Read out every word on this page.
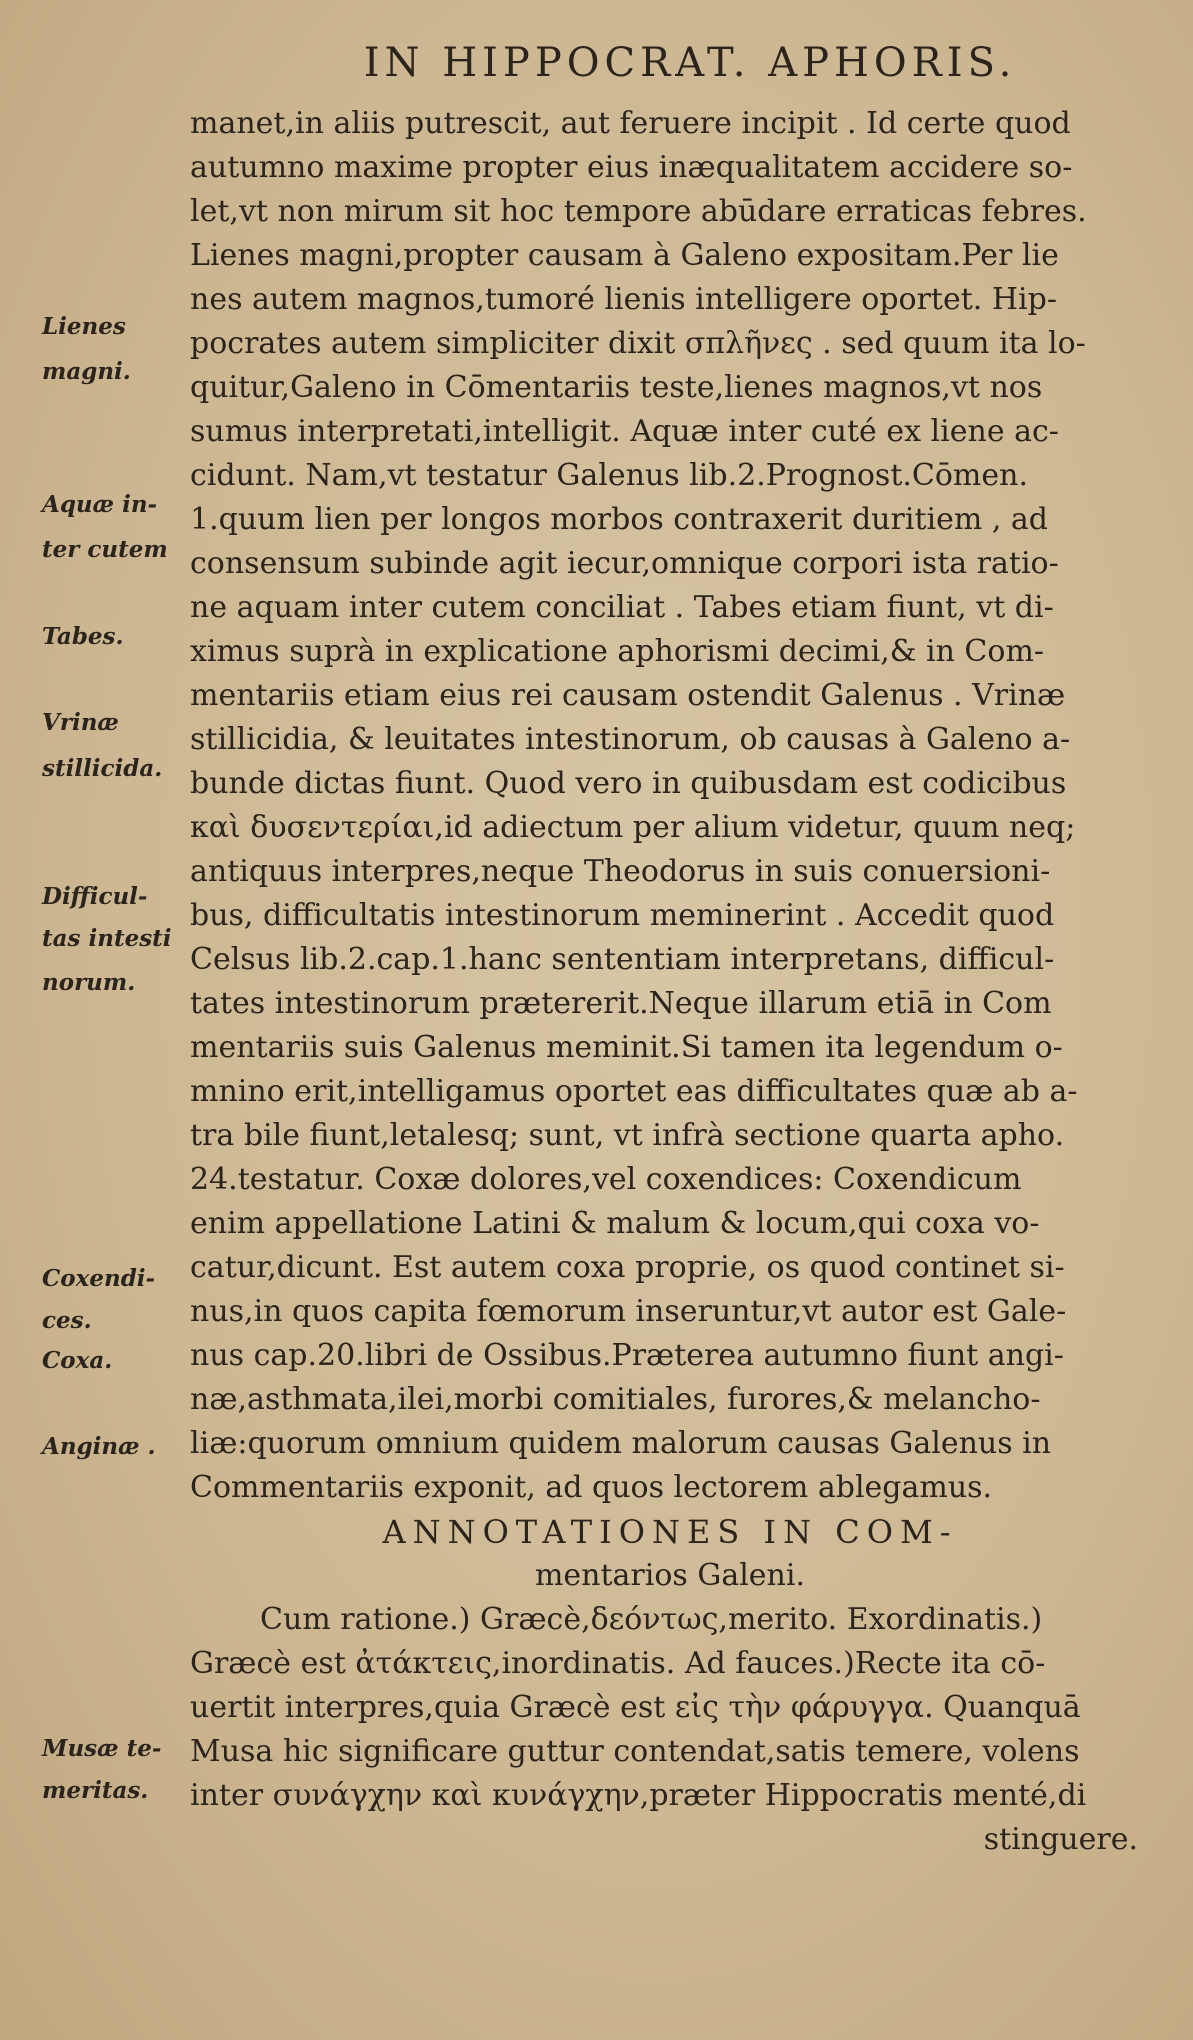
IN HIPPOCRAT. APHORIS.
manet,in aliis putrescit, aut feruere incipit . Id certe quod
autumno maxime propter eius inæqualitatem accidere so-
let,vt non mirum sit hoc tempore abūdare erraticas febres.
Lienes magni,propter causam à Galeno expositam.Per lie
nes autem magnos,tumoré lienis intelligere oportet. Hip-
pocrates autem simpliciter dixit σπλῆνες . sed quum ita lo-
quitur,Galeno in Cōmentariis teste,lienes magnos,vt nos
sumus interpretati,intelligit. Aquæ inter cuté ex liene ac-
cidunt. Nam,vt testatur Galenus lib.2.Prognost.Cōmen.
1.quum lien per longos morbos contraxerit duritiem , ad
consensum subinde agit iecur,omnique corpori ista ratio-
ne aquam inter cutem conciliat . Tabes etiam fiunt, vt di-
ximus suprà in explicatione aphorismi decimi,& in Com-
mentariis etiam eius rei causam ostendit Galenus . Vrinæ
stillicidia, & leuitates intestinorum, ob causas à Galeno a-
bunde dictas fiunt. Quod vero in quibusdam est codicibus
καὶ δυσεντερίαι,id adiectum per alium videtur, quum neq;
antiquus interpres,neque Theodorus in suis conuersioni-
bus, difficultatis intestinorum meminerint . Accedit quod
Celsus lib.2.cap.1.hanc sententiam interpretans, difficul-
tates intestinorum prætererit.Neque illarum etiā in Com
mentariis suis Galenus meminit.Si tamen ita legendum o-
mnino erit,intelligamus oportet eas difficultates quæ ab a-
tra bile fiunt,letalesq; sunt, vt infrà sectione quarta apho.
24.testatur. Coxæ dolores,vel coxendices: Coxendicum
enim appellatione Latini & malum & locum,qui coxa vo-
catur,dicunt. Est autem coxa proprie, os quod continet si-
nus,in quos capita fœmorum inseruntur,vt autor est Gale-
nus cap.20.libri de Ossibus.Præterea autumno fiunt angi-
næ,asthmata,ilei,morbi comitiales, furores,& melancho-
liæ:quorum omnium quidem malorum causas Galenus in
Commentariis exponit, ad quos lectorem ablegamus.
ANNOTATIONES IN COM-
mentarios Galeni.
Cum ratione.) Græcè,δεόντως,merito. Exordinatis.)
Græcè est ἀτάκτεις,inordinatis. Ad fauces.)Recte ita cō-
uertit interpres,quia Græcè est εἰς τὴν φάρυγγα. Quanquā
Musa hic significare guttur contendat,satis temere, volens
inter συνάγχην καὶ κυνάγχην,præter Hippocratis menté,di
stinguere.
Lienes
magni.
Aquæ in-
ter cutem
Tabes.
Vrinæ
stillicida.
Difficul-
tas intesti
norum.
Coxendi-
ces.
Coxa.
Anginæ .
Musæ te-
meritas.
